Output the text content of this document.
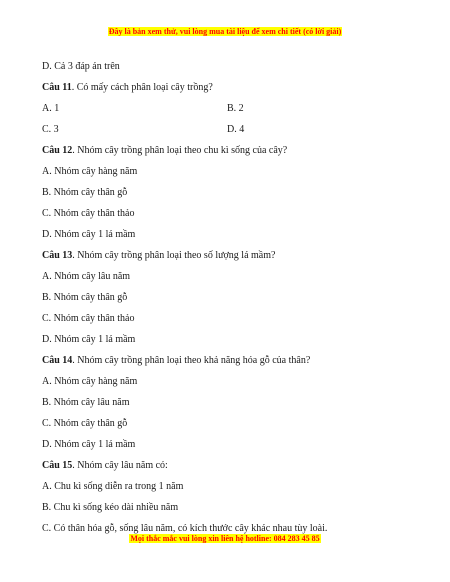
Đây là bản xem thử, vui lòng mua tài liệu để xem chi tiết (có lời giải)
D. Cả 3 đáp án trên
Câu 11. Có mấy cách phân loại cây trồng?
A. 1	B. 2
C. 3	D. 4
Câu 12. Nhóm cây trồng phân loại theo chu kì sống của cây?
A. Nhóm cây hàng năm
B. Nhóm cây thân gỗ
C. Nhóm cây thân thảo
D. Nhóm cây 1 lá mầm
Câu 13. Nhóm cây trồng phân loại theo số lượng lá mầm?
A. Nhóm cây lâu năm
B. Nhóm cây thân gỗ
C. Nhóm cây thân thảo
D. Nhóm cây 1 lá mầm
Câu 14. Nhóm cây trồng phân loại theo khả năng hóa gỗ của thân?
A. Nhóm cây hàng năm
B. Nhóm cây lâu năm
C. Nhóm cây thân gỗ
D. Nhóm cây 1 lá mầm
Câu 15. Nhóm cây lâu năm có:
A. Chu kì sống diễn ra trong 1 năm
B. Chu kì sống kéo dài nhiều năm
C. Có thân hóa gỗ, sống lâu năm, có kích thước cây khác nhau tùy loài.
Mọi thắc mắc vui lòng xin liên hệ hotline: 084 283 45 85
